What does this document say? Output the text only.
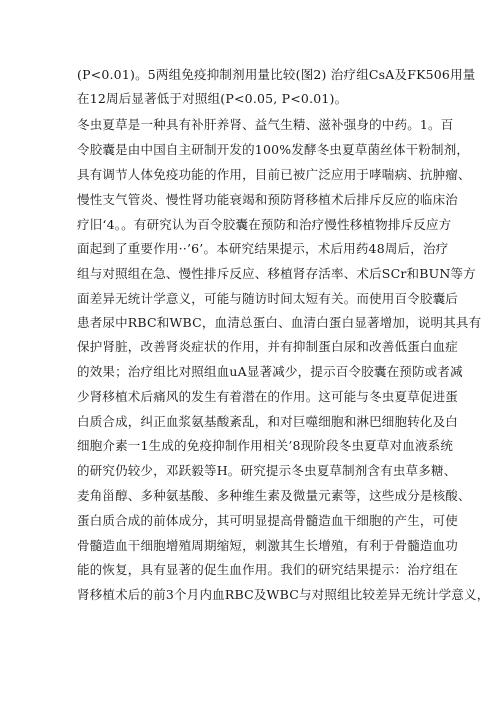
(P<0.01)。5两组免疫抑制剂用量比较(图2) 治疗组CsA及FK506用量
在12周后显著低于对照组(P<0.05, P<0.01)。
冬虫夏草是一种具有补肝养肾、益气生精、滋补强身的中药。1。百
令胶囊是由中国自主研制开发的100%发酵冬虫夏草菌丝体干粉制剂，
具有调节人体免疫功能的作用，目前已被广泛应用于哮喘病、抗肿瘤、
慢性支气管炎、慢性肾功能衰竭和预防肾移植术后排斥反应的临床治
疗旧‘4。。有研究认为百令胶囊在预防和治疗慢性移植物排斥反应方
面起到了重要作用··’6’。本研究结果提示，术后用药48周后，治疗
组与对照组在急、慢性排斥反应、移植肾存活率、术后SCr和BUN等方
面差异无统计学意义，可能与随访时间太短有关。而使用百令胶囊后
患者尿中RBC和WBC，血清总蛋白、血清白蛋白显著增加，说明其具有
保护肾脏，改善肾炎症状的作用，并有抑制蛋白尿和改善低蛋白血症
的效果；治疗组比对照组血uA显著减少，提示百令胶囊在预防或者减
少肾移植术后痛风的发生有着潜在的作用。这可能与冬虫夏草促进蛋
白质合成，纠正血浆氨基酸紊乱，和对巨噬细胞和淋巴细胞转化及白
细胞介素一1生成的免疫抑制作用相关’8现阶段冬虫夏草对血液系统
的研究仍较少，邓跃毅等H。研究提示冬虫夏草制剂含有虫草多糖、
麦角甾醇、多种氨基酸、多种维生素及微量元素等，这些成分是核酸、
蛋白质合成的前体成分，其可明显提高骨髓造血干细胞的产生，可使
骨髓造血干细胞增殖周期缩短，刺激其生长增殖，有利于骨髓造血功
能的恢复，具有显著的促生血作用。我们的研究结果提示：治疗组在
肾移植术后的前3个月内血RBC及WBC与对照组比较差异无统计学意义，
